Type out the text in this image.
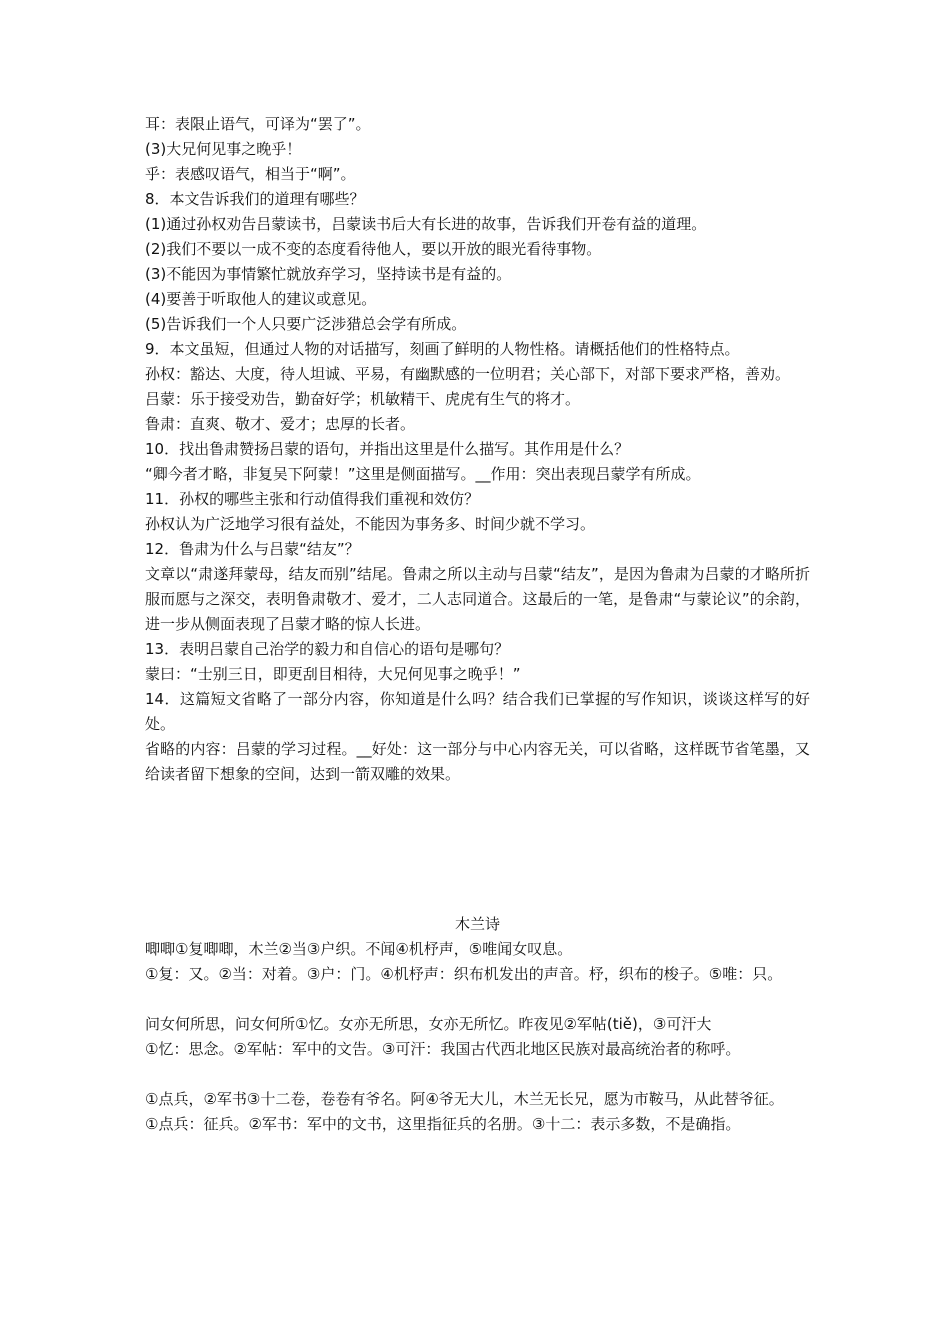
耳：表限止语气，可译为“罢了”。
(3)大兄何见事之晚乎！
乎：表感叹语气，相当于“啊”。
8．本文告诉我们的道理有哪些？
(1)通过孙权劝告吕蒙读书，吕蒙读书后大有长进的故事，告诉我们开卷有益的道理。
(2)我们不要以一成不变的态度看待他人，要以开放的眼光看待事物。
(3)不能因为事情繁忙就放弃学习，坚持读书是有益的。
(4)要善于听取他人的建议或意见。
(5)告诉我们一个人只要广泛涉猎总会学有所成。
9．本文虽短，但通过人物的对话描写，刻画了鲜明的人物性格。请概括他们的性格特点。
孙权：豁达、大度，待人坦诚、平易，有幽默感的一位明君；关心部下，对部下要求严格，善劝。
吕蒙：乐于接受劝告，勤奋好学；机敏精干、虎虎有生气的将才。
鲁肃：直爽、敬才、爱才；忠厚的长者。
10．找出鲁肃赞扬吕蒙的语句，并指出这里是什么描写。其作用是什么？
“卿今者才略，非复吴下阿蒙！”这里是侧面描写。__作用：突出表现吕蒙学有所成。
11．孙权的哪些主张和行动值得我们重视和效仿？
孙权认为广泛地学习很有益处，不能因为事务多、时间少就不学习。
12．鲁肃为什么与吕蒙“结友”？
文章以“肃遂拜蒙母，结友而别”结尾。鲁肃之所以主动与吕蒙“结友”，是因为鲁肃为吕蒙的才略所折服而愿与之深交，表明鲁肃敬才、爱才，二人志同道合。这最后的一笔，是鲁肃“与蒙论议”的余韵，进一步从侧面表现了吕蒙才略的惊人长进。
13．表明吕蒙自己治学的毅力和自信心的语句是哪句？
蒙曰：“士别三日，即更刮目相待，大兄何见事之晚乎！”
14．这篇短文省略了一部分内容，你知道是什么吗？结合我们已掌握的写作知识，谈谈这样写的好处。
省略的内容：吕蒙的学习过程。__好处：这一部分与中心内容无关，可以省略，这样既节省笔墨，又给读者留下想象的空间，达到一箭双雕的效果。
木兰诗
唧唧①复唧唧，木兰②当③户织。不闻④机杼声，⑤唯闻女叹息。
①复：又。②当：对着。③户：门。④机杼声：织布机发出的声音。杼，织布的梭子。⑤唯：只。
问女何所思，问女何所①忆。女亦无所思，女亦无所忆。昨夜见②军帖(tiě)，③可汗大
①忆：思念。②军帖：军中的文告。③可汗：我国古代西北地区民族对最高统治者的称呼。
①点兵，②军书③十二卷，卷卷有爷名。阿④爷无大儿，木兰无长兄，愿为市鞍马，从此替爷征。
①点兵：征兵。②军书：军中的文书，这里指征兵的名册。③十二：表示多数，不是确指。
